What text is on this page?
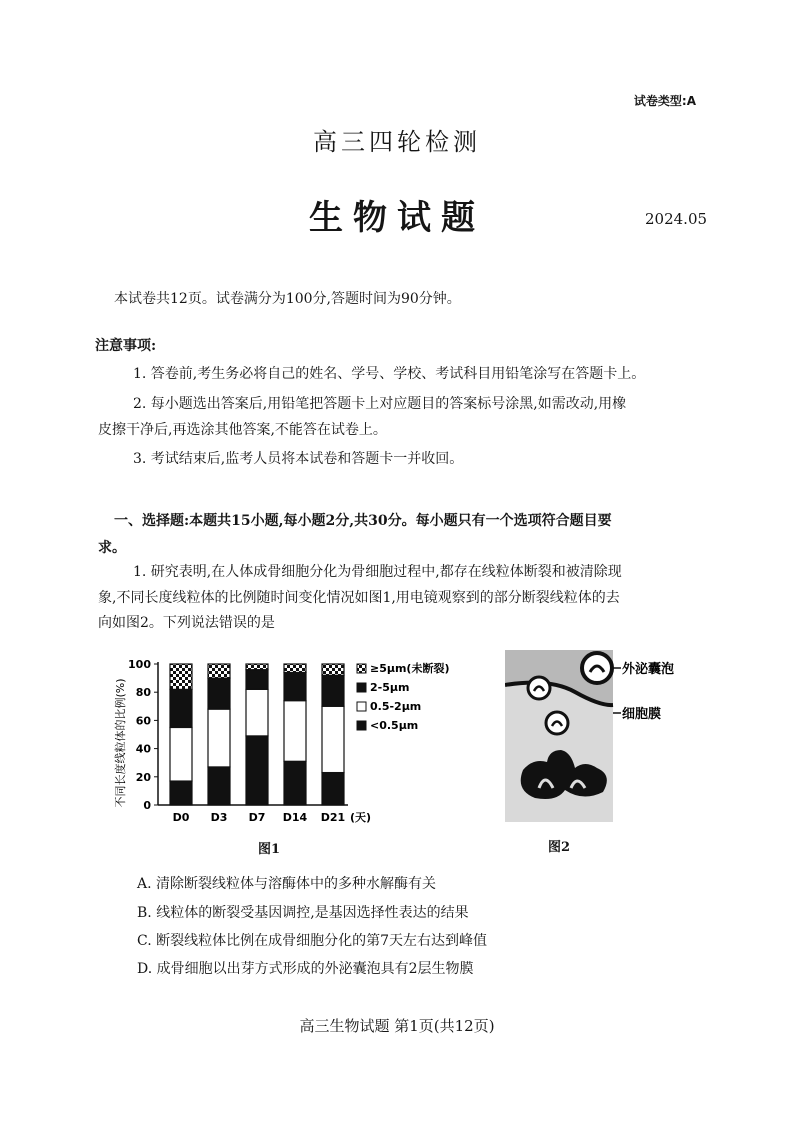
试卷类型:A
高三四轮检测
生物试题	2024.05
本试卷共12页。试卷满分为100分,答题时间为90分钟。
注意事项:
1. 答卷前,考生务必将自己的姓名、学号、学校、考试科目用铅笔涂写在答题卡上。
2. 每小题选出答案后,用铅笔把答题卡上对应题目的答案标号涂黑,如需改动,用橡
皮擦干净后,再选涂其他答案,不能答在试卷上。
3. 考试结束后,监考人员将本试卷和答题卡一并收回。
一、选择题:本题共15小题,每小题2分,共30分。每小题只有一个选项符合题目要
求。
1. 研究表明,在人体成骨细胞分化为骨细胞过程中,都存在线粒体断裂和被清除现
象,不同长度线粒体的比例随时间变化情况如图1,用电镜观察到的部分断裂线粒体的去
向如图2。下列说法错误的是
不同长度线粒体的比例(%) 0
20
40
60
80
100
D0 D3 D7 D14 D21 (天)
≥5μm(未断裂)
2-5μm
0.5-2μm
<0.5μm
图1
外泌囊泡
细胞膜
图2
A. 清除断裂线粒体与溶酶体中的多种水解酶有关
B. 线粒体的断裂受基因调控,是基因选择性表达的结果
C. 断裂线粒体比例在成骨细胞分化的第7天左右达到峰值
D. 成骨细胞以出芽方式形成的外泌囊泡具有2层生物膜
高三生物试题 第1页(共12页)
